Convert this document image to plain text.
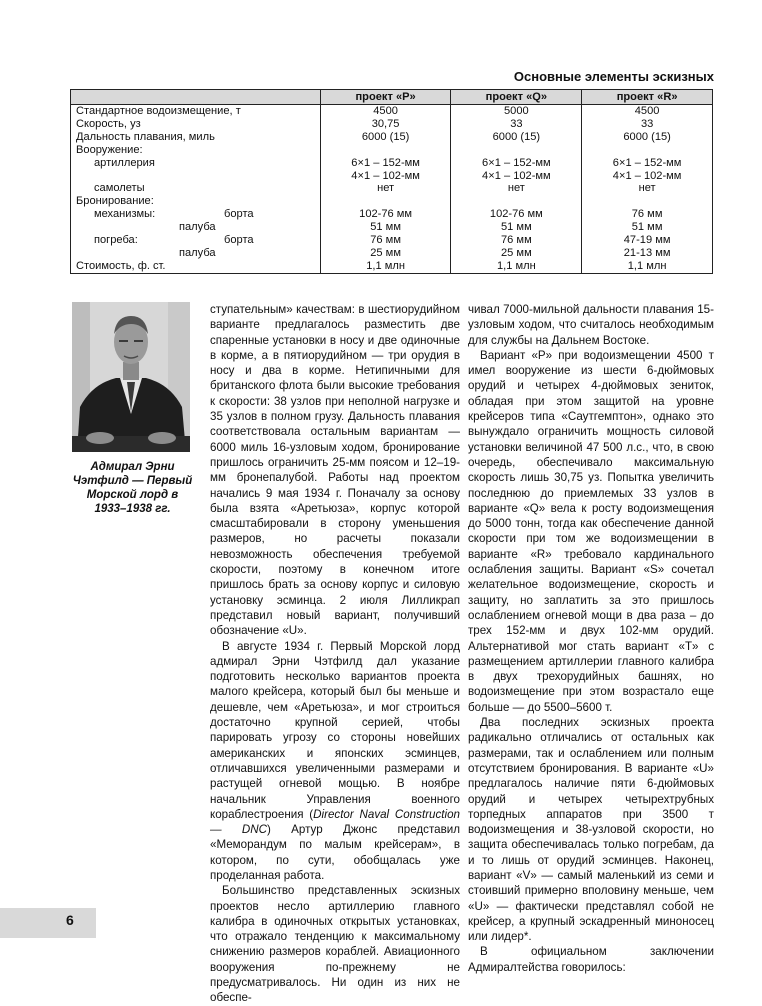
Основные элементы эскизных
	проект «P»	проект «Q»	проект «R»

Стандартное водоизмещение, т	4500	5000	4500

Скорость, уз	30,75	33	33

Дальность плавания, миль	6000 (15)	6000 (15)	6000 (15)

Вооружение:			

артиллерия	6×1 – 152-мм	6×1 – 152-мм	6×1 – 152-мм
	4×1 – 102-мм	4×1 – 102-мм	4×1 – 102-мм

самолеты	нет	нет	нет

Бронирование:			

механизмы: борта	102-76 мм	102-76 мм	76 мм
палуба	51 мм	51 мм	51 мм
погреба: борта	76 мм	76 мм	47-19 мм
палуба	25 мм	25 мм	21-13 мм

Стоимость, ф. ст.	1,1 млн	1,1 млн	1,1 млн
Адмирал Эрни Чэтфилд — Первый Морской лорд в 1933–1938 гг.

ступательным» качествам: в шестиорудийном варианте предлагалось разместить две спаренные установки в носу и две одиночные в корме, а в пятиорудийном — три орудия в носу и два в корме. Нетипичными для британского флота были высокие требования к скорости: 38 узлов при неполной нагрузке и 35 узлов в полном грузу. Дальность плавания соответствовала остальным вариантам — 6000 миль 16-узловым ходом, бронирование пришлось ограничить 25-мм поясом и 12–19-мм бронепалубой. Работы над проектом начались 9 мая 1934 г. Поначалу за основу была взята «Аретьюза», корпус которой смасштабировали в сторону уменьшения размеров, но расчеты показали невозможность обеспечения требуемой скорости, поэтому в конечном итоге пришлось брать за основу корпус и силовую установку эсминца. 2 июля Лилликрап представил новый вариант, получивший обозначение «U».

В августе 1934 г. Первый Морской лорд адмирал Эрни Чэтфилд дал указание подготовить несколько вариантов проекта малого крейсера, который был бы меньше и дешевле, чем «Аретьюза», и мог строиться достаточно крупной серией, чтобы парировать угрозу со стороны новейших американских и японских эсминцев, отличавшихся увеличенными размерами и растущей огневой мощью. В ноябре начальник Управления военного кораблестроения (Director Naval Construction — DNC) Артур Джонс представил «Меморандум по малым крейсерам», в котором, по сути, обобщалась уже проделанная работа.

Большинство представленных эскизных проектов несло артиллерию главного калибра в одиночных открытых установках, что отражало тенденцию к максимальному снижению размеров кораблей. Авиационного вооружения по-прежнему не предусматривалось. Ни один из них не обеспе-

чивал 7000-мильной дальности плавания 15-узловым ходом, что считалось необходимым для службы на Дальнем Востоке.

Вариант «P» при водоизмещении 4500 т имел вооружение из шести 6-дюймовых орудий и четырех 4-дюймовых зениток, обладая при этом защитой на уровне крейсеров типа «Саутгемптон», однако это вынуждало ограничить мощность силовой установки величиной 47 500 л.с., что, в свою очередь, обеспечивало максимальную скорость лишь 30,75 уз. Попытка увеличить последнюю до приемлемых 33 узлов в варианте «Q» вела к росту водоизмещения до 5000 тонн, тогда как обеспечение данной скорости при том же водоизмещении в варианте «R» требовало кардинального ослабления защиты. Вариант «S» сочетал желательное водоизмещение, скорость и защиту, но заплатить за это пришлось ослаблением огневой мощи в два раза – до трех 152-мм и двух 102-мм орудий. Альтернативой мог стать вариант «T» с размещением артиллерии главного калибра в двух трехорудийных башнях, но водоизмещение при этом возрастало еще больше — до 5500–5600 т.

Два последних эскизных проекта радикально отличались от остальных как размерами, так и ослаблением или полным отсутствием бронирования. В варианте «U» предлагалось наличие пяти 6-дюймовых орудий и четырех четырехтрубных торпедных аппаратов при 3500 т водоизмещения и 38-узловой скорости, но защита обеспечивалась только погребам, да и то лишь от орудий эсминцев. Наконец, вариант «V» — самый маленький из семи и стоивший примерно вполовину меньше, чем «U» — фактически представлял собой не крейсер, а крупный эскадренный миноносец или лидер*.

В официальном заключении Адмиралтейства говорилось:

6
